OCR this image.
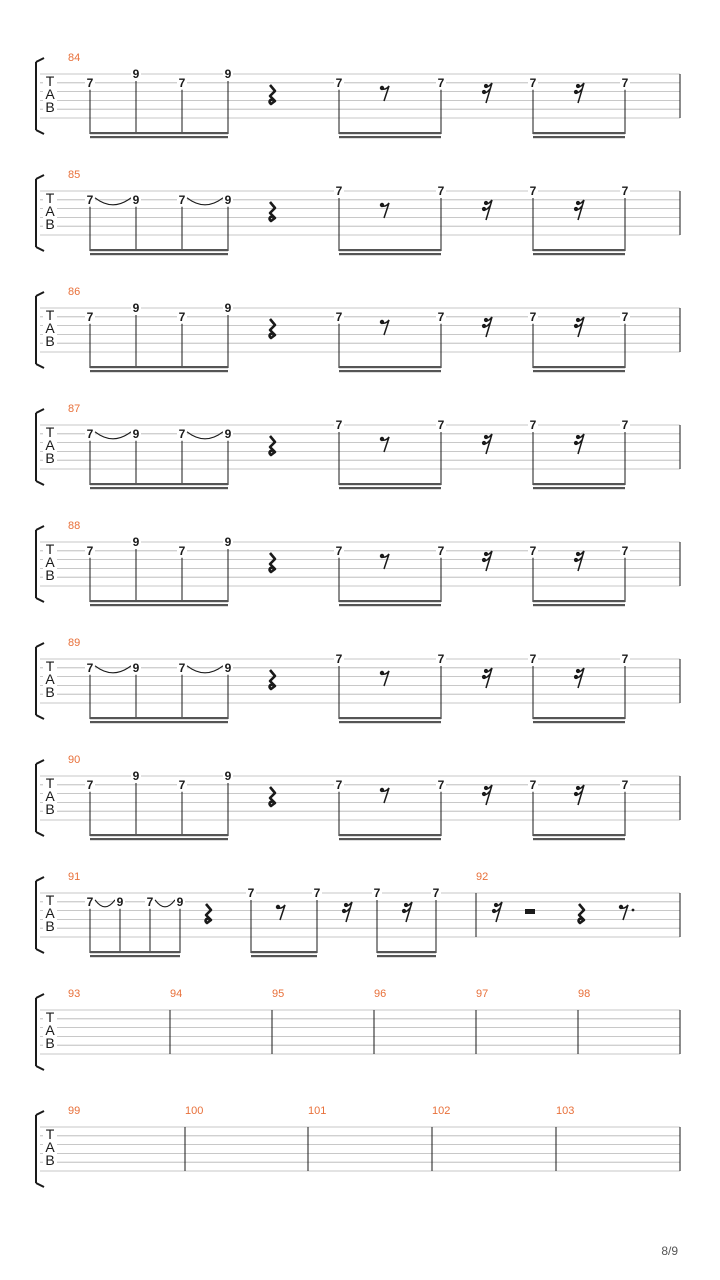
T
A
B
84
7
9
7
9
7	7	7	7
T
A
B
85
7	9	7	9
7	7	7	7
T
A
B
86
7
9
7
9
7	7	7	7
T
A
B
87
7	9	7	9
7	7	7	7
T
A
B
88
7
9
7
9
7	7	7	7
T
A
B
89
7	9	7	9
7	7	7	7
T
A
B
90
7
9
7
9
7	7	7	7
T
A
B
91
7 9 7 9
7	7	7	7
92
T
A
B
93	94	95	96	97	98
T
A
B
99	100	101	102	103
8/9
